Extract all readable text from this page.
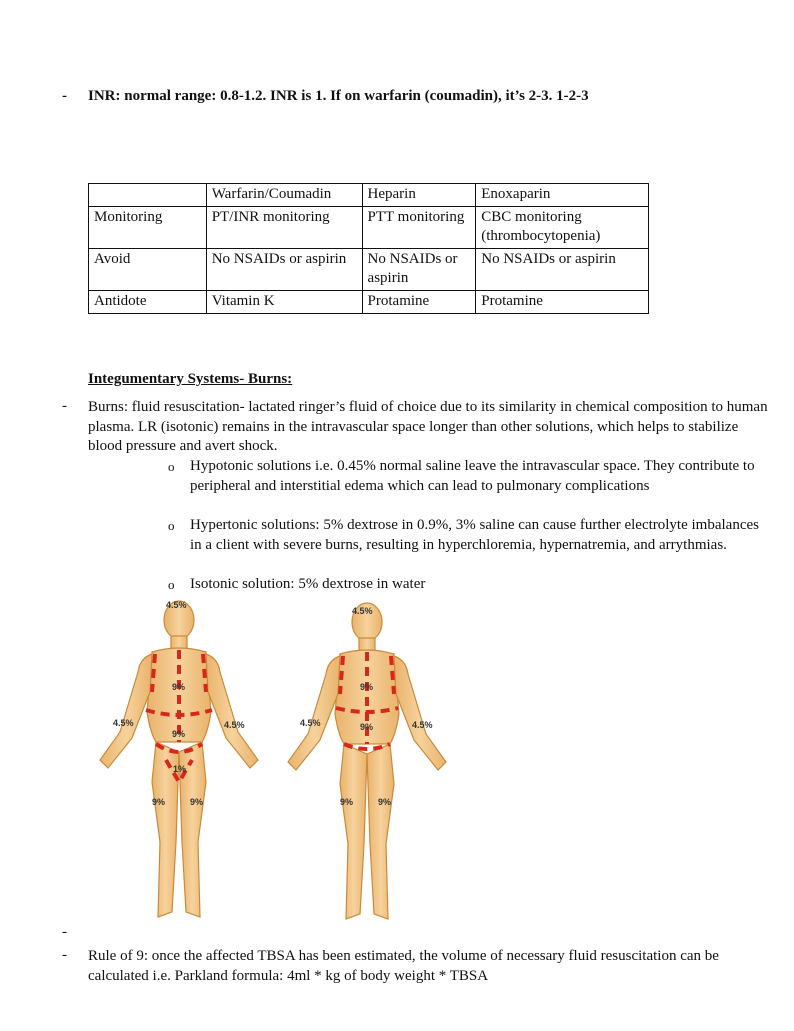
- INR: normal range: 0.8-1.2. INR is 1. If on warfarin (coumadin), it’s 2-3. 1-2-3
	Warfarin/Coumadin	Heparin	Enoxaparin
Monitoring	PT/INR monitoring	PTT monitoring	CBC monitoring (thrombocytopenia)
Avoid	No NSAIDs or aspirin	No NSAIDs or aspirin	No NSAIDs or aspirin
Antidote	Vitamin K	Protamine	Protamine
Integumentary Systems- Burns:
- Burns: fluid resuscitation- lactated ringer’s fluid of choice due to its similarity in chemical composition to human plasma. LR (isotonic) remains in the intravascular space longer than other solutions, which helps to stabilize blood pressure and avert shock.
o Hypotonic solutions i.e. 0.45% normal saline leave the intravascular space. They contribute to peripheral and interstitial edema which can lead to pulmonary complications
o Hypertonic solutions: 5% dextrose in 0.9%, 3% saline can cause further electrolyte imbalances in a client with severe burns, resulting in hyperchloremia, hypernatremia, and arrythmias.
o Isotonic solution: 5% dextrose in water
4.5%
9%
9%
4.5%	4.5%
1%
9%	9%
4.5%
9%
9%
4.5%	4.5%
9%	9%
-
- Rule of 9: once the affected TBSA has been estimated, the volume of necessary fluid resuscitation can be calculated i.e. Parkland formula: 4ml * kg of body weight * TBSA
